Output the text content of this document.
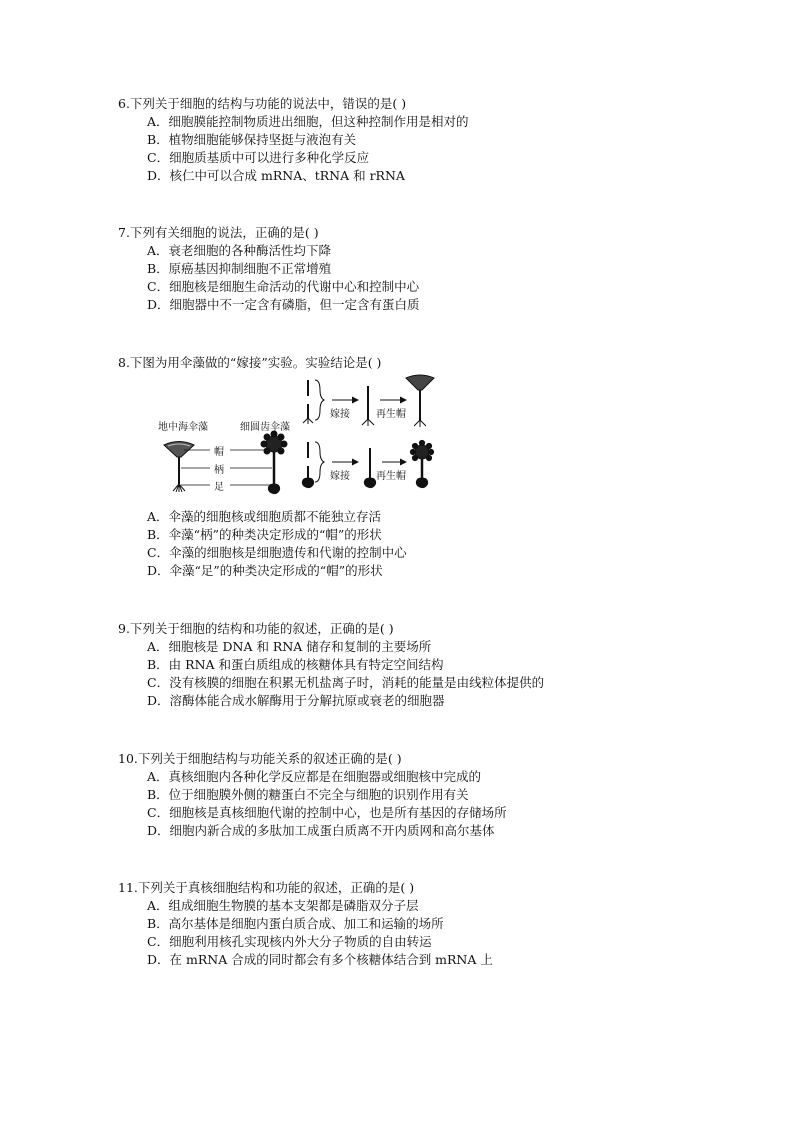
6.下列关于细胞的结构与功能的说法中，错误的是( )
A．细胞膜能控制物质进出细胞，但这种控制作用是相对的
B．植物细胞能够保持坚挺与液泡有关
C．细胞质基质中可以进行多种化学反应
D．核仁中可以合成 mRNA、tRNA 和 rRNA
7.下列有关细胞的说法，正确的是( )
A．衰老细胞的各种酶活性均下降
B．原癌基因抑制细胞不正常增殖
C．细胞核是细胞生命活动的代谢中心和控制中心
D．细胞器中不一定含有磷脂，但一定含有蛋白质
8.下图为用伞藻做的“嫁接”实验。实验结论是( )
地中海伞藻	细圆齿伞藻
帽
柄
足
嫁接	再生帽
嫁接	再生帽
A．伞藻的细胞核或细胞质都不能独立存活
B．伞藻“柄”的种类决定形成的“帽”的形状
C．伞藻的细胞核是细胞遗传和代谢的控制中心
D．伞藻“足”的种类决定形成的“帽”的形状
9.下列关于细胞的结构和功能的叙述，正确的是( )
A．细胞核是 DNA 和 RNA 储存和复制的主要场所
B．由 RNA 和蛋白质组成的核糖体具有特定空间结构
C．没有核膜的细胞在积累无机盐离子时，消耗的能量是由线粒体提供的
D．溶酶体能合成水解酶用于分解抗原或衰老的细胞器
10.下列关于细胞结构与功能关系的叙述正确的是( )
A．真核细胞内各种化学反应都是在细胞器或细胞核中完成的
B．位于细胞膜外侧的糖蛋白不完全与细胞的识别作用有关
C．细胞核是真核细胞代谢的控制中心，也是所有基因的存储场所
D．细胞内新合成的多肽加工成蛋白质离不开内质网和高尔基体
11.下列关于真核细胞结构和功能的叙述，正确的是( )
A．组成细胞生物膜的基本支架都是磷脂双分子层
B．高尔基体是细胞内蛋白质合成、加工和运输的场所
C．细胞利用核孔实现核内外大分子物质的自由转运
D．在 mRNA 合成的同时都会有多个核糖体结合到 mRNA 上
